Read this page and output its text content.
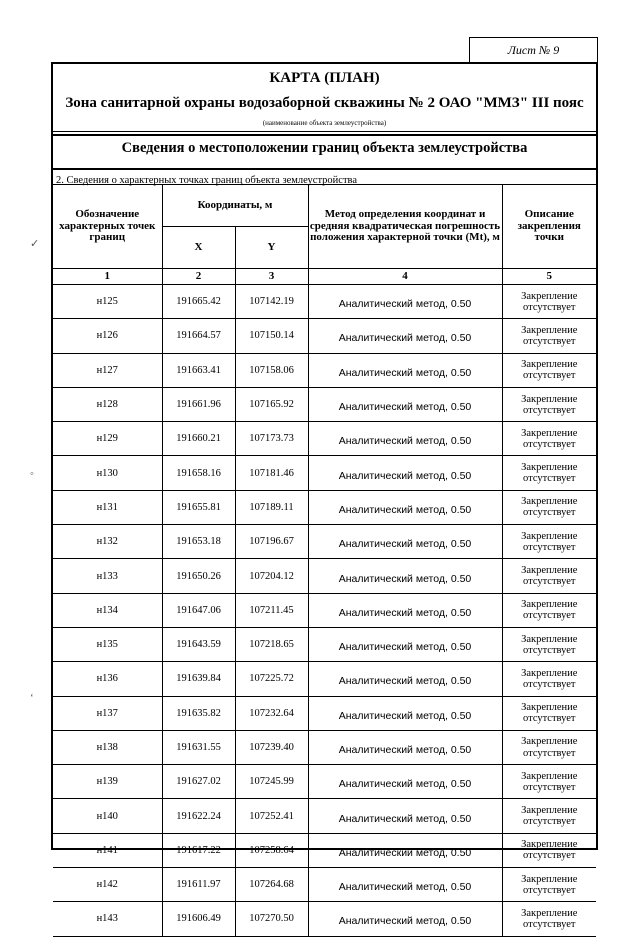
Лист № 9
КАРТА (ПЛАН)
Зона санитарной охраны водозаборной скважины № 2 ОАО "ММЗ" III пояс
(наименование объекта землеустройства)
Сведения о местоположении границ объекта землеустройства
2. Сведения о характерных точках границ объекта землеустройства
Обозначение характерных точек границ	Координаты, м		Метод определения координат и средняя квадратическая погрешность положения характерной точки (Mt), м	Описание закрепления точки
	X	Y		
1	2	3	4	5
н125	191665.42	107142.19	Аналитический метод, 0.50	Закрепление отсутствует
н126	191664.57	107150.14	Аналитический метод, 0.50	Закрепление отсутствует
н127	191663.41	107158.06	Аналитический метод, 0.50	Закрепление отсутствует
н128	191661.96	107165.92	Аналитический метод, 0.50	Закрепление отсутствует
н129	191660.21	107173.73	Аналитический метод, 0.50	Закрепление отсутствует
н130	191658.16	107181.46	Аналитический метод, 0.50	Закрепление отсутствует
н131	191655.81	107189.11	Аналитический метод, 0.50	Закрепление отсутствует
н132	191653.18	107196.67	Аналитический метод, 0.50	Закрепление отсутствует
н133	191650.26	107204.12	Аналитический метод, 0.50	Закрепление отсутствует
н134	191647.06	107211.45	Аналитический метод, 0.50	Закрепление отсутствует
н135	191643.59	107218.65	Аналитический метод, 0.50	Закрепление отсутствует
н136	191639.84	107225.72	Аналитический метод, 0.50	Закрепление отсутствует
н137	191635.82	107232.64	Аналитический метод, 0.50	Закрепление отсутствует
н138	191631.55	107239.40	Аналитический метод, 0.50	Закрепление отсутствует
н139	191627.02	107245.99	Аналитический метод, 0.50	Закрепление отсутствует
н140	191622.24	107252.41	Аналитический метод, 0.50	Закрепление отсутствует
н141	191617.22	107258.64	Аналитический метод, 0.50	Закрепление отсутствует
н142	191611.97	107264.68	Аналитический метод, 0.50	Закрепление отсутствует
н143	191606.49	107270.50	Аналитический метод, 0.50	Закрепление отсутствует
✓
◦
ʻ
